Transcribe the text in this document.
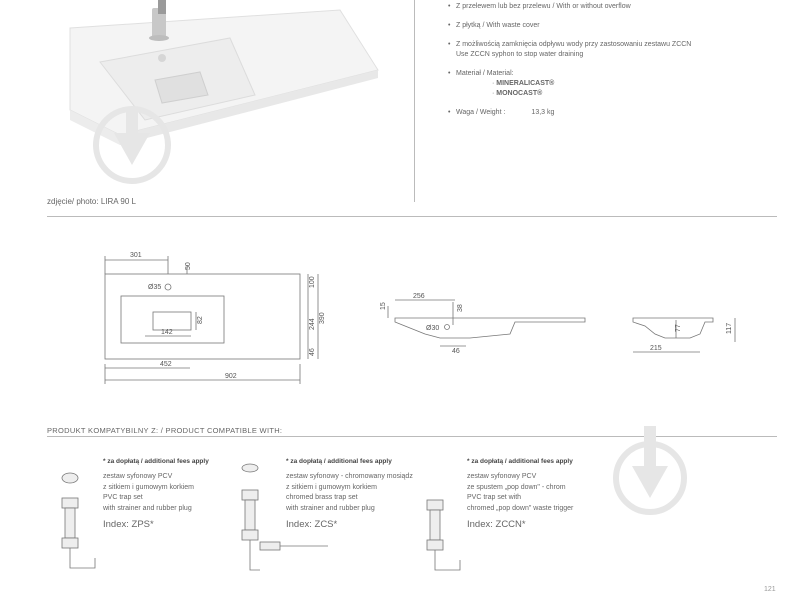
zdjęcie/ photo: LIRA 90 L
• Z przelewem lub bez przelewu / With or without overflow
• Z płytką / With waste cover
• Z możliwością zamknięcia odpływu wody przy zastosowaniu zestawu ZCCN
Use ZCCN syphon to stop water draining
• Materiał / Material:
· MINERALICAST®
· MONOCAST®
• Waga / Weight :	13,3 kg
301
50
Ø35	100
244
390
82
142
46
452
902
256
15	38
Ø30
46
77	117
215
PRODUKT KOMPATYBILNY Z: / PRODUCT COMPATIBLE WITH:
* za dopłatą / additional fees apply
zestaw syfonowy PCV
z sitkiem i gumowym korkiem
PVC trap set
with strainer and rubber plug
Index: ZPS*
* za dopłatą / additional fees apply
zestaw syfonowy - chromowany mosiądz
z sitkiem i gumowym korkiem
chromed brass trap set
with strainer and rubber plug
Index: ZCS*
* za dopłatą / additional fees apply
zestaw syfonowy PCV
ze spustem „pop down" - chrom
PVC trap set with
chromed „pop down" waste trigger
Index: ZCCN*
121
